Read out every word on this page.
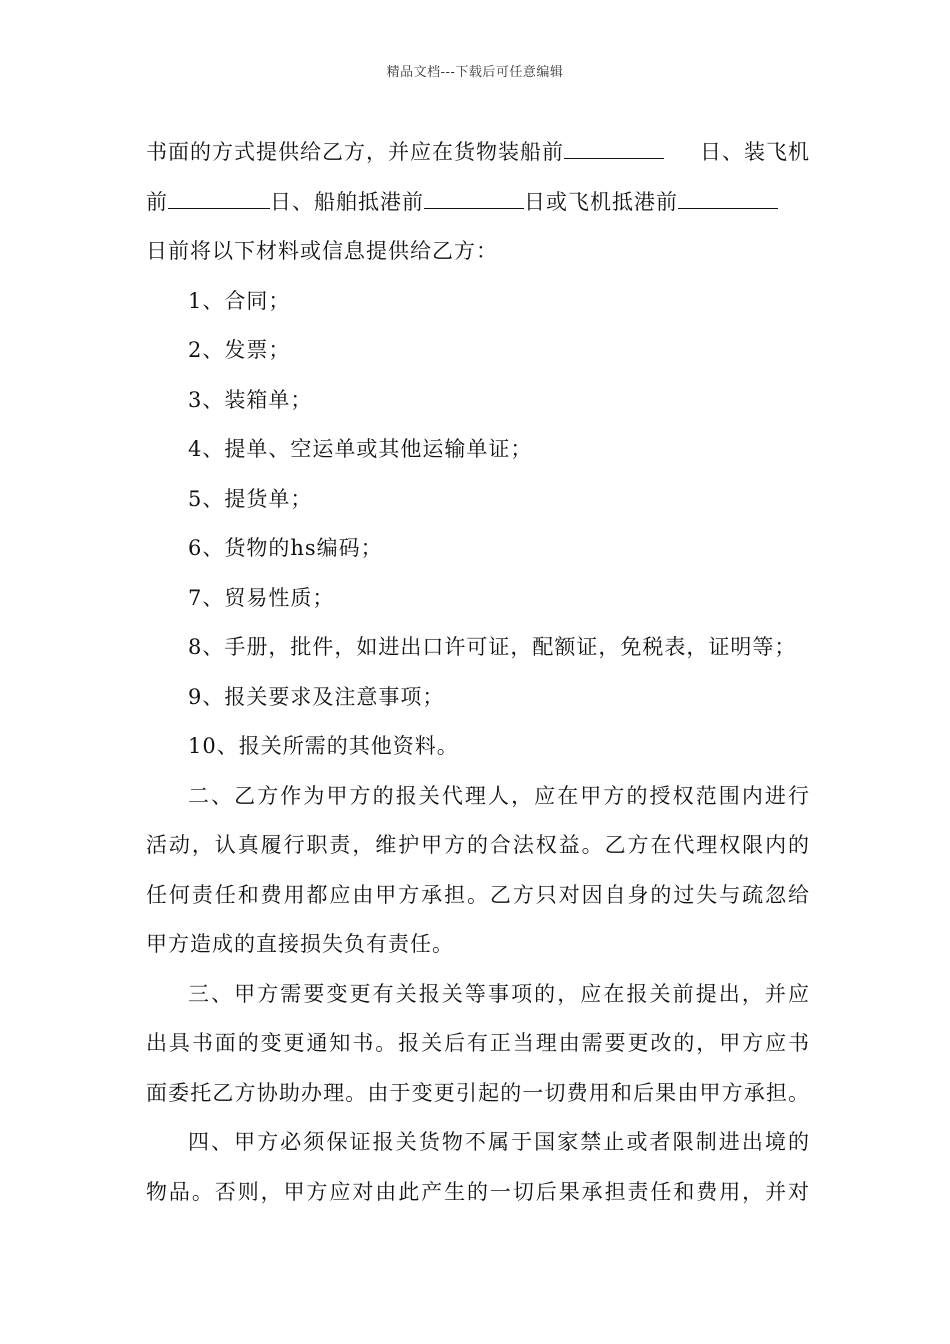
精品文档---下载后可任意编辑
书面的方式提供给乙方，并应在货物装船前	日、装飞机
前	日、船舶抵港前	日或飞机抵港前
日前将以下材料或信息提供给乙方：
1、合同；
2、发票；
3、装箱单；
4、提单、空运单或其他运输单证；
5、提货单；
6、货物的hs编码；
7、贸易性质；
8、手册，批件，如进出口许可证，配额证，免税表，证明等；
9、报关要求及注意事项；
10、报关所需的其他资料。
二、乙方作为甲方的报关代理人，应在甲方的授权范围内进行
活动，认真履行职责，维护甲方的合法权益。乙方在代理权限内的
任何责任和费用都应由甲方承担。乙方只对因自身的过失与疏忽给
甲方造成的直接损失负有责任。
三、甲方需要变更有关报关等事项的，应在报关前提出，并应
出具书面的变更通知书。报关后有正当理由需要更改的，甲方应书
面委托乙方协助办理。由于变更引起的一切费用和后果由甲方承担。
四、甲方必须保证报关货物不属于国家禁止或者限制进出境的
物品。否则，甲方应对由此产生的一切后果承担责任和费用，并对
